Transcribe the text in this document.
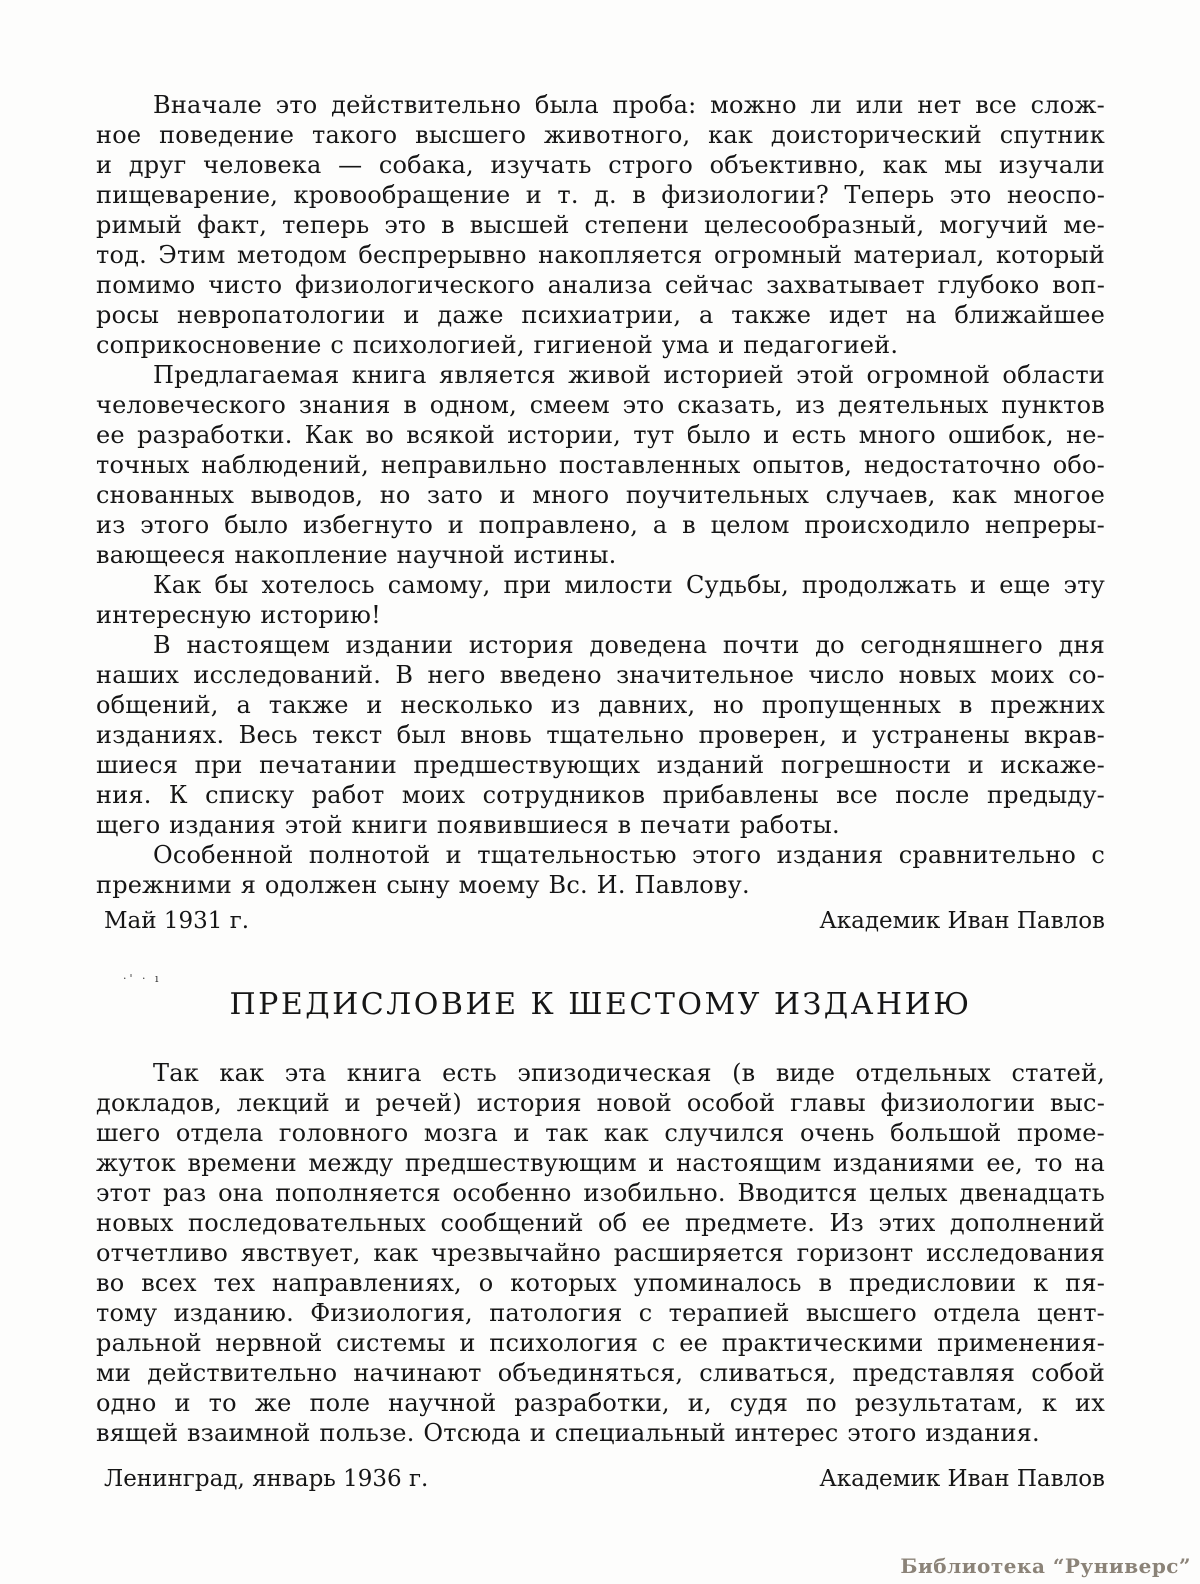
Вначале это действительно была проба: можно ли или нет все слож-
ное поведение такого высшего животного, как доисторический спутник
и друг человека — собака, изучать строго объективно, как мы изучали
пищеварение, кровообращение и т. д. в физиологии? Теперь это неоспо-
римый факт, теперь это в высшей степени целесообразный, могучий ме-
тод. Этим методом беспрерывно накопляется огромный материал, который
помимо чисто физиологического анализа сейчас захватывает глубоко воп-
росы невропатологии и даже психиатрии, а также идет на ближайшее
соприкосновение с психологией, гигиеной ума и педагогией.
Предлагаемая книга является живой историей этой огромной области
человеческого знания в одном, смеем это сказать, из деятельных пунктов
ее разработки. Как во всякой истории, тут было и есть много ошибок, не-
точных наблюдений, неправильно поставленных опытов, недостаточно обо-
снованных выводов, но зато и много поучительных случаев, как многое
из этого было избегнуто и поправлено, а в целом происходило непреры-
вающееся накопление научной истины.
Как бы хотелось самому, при милости Судьбы, продолжать и еще эту
интересную историю!
В настоящем издании история доведена почти до сегодняшнего дня
наших исследований. В него введено значительное число новых моих со-
общений, а также и несколько из давних, но пропущенных в прежних
изданиях. Весь текст был вновь тщательно проверен, и устранены вкрав-
шиеся при печатании предшествующих изданий погрешности и искаже-
ния. К списку работ моих сотрудников прибавлены все после предыду-
щего издания этой книги появившиеся в печати работы.
Особенной полнотой и тщательностью этого издания сравнительно с
прежними я одолжен сыну моему Вс. И. Павлову.
Май 1931 г.	Академик Иван Павлов
ПРЕДИСЛОВИЕ К ШЕСТОМУ ИЗДАНИЮ
Так как эта книга есть эпизодическая (в виде отдельных статей,
докладов, лекций и речей) история новой особой главы физиологии выс-
шего отдела головного мозга и так как случился очень большой проме-
жуток времени между предшествующим и настоящим изданиями ее, то на
этот раз она пополняется особенно изобильно. Вводится целых двенадцать
новых последовательных сообщений об ее предмете. Из этих дополнений
отчетливо явствует, как чрезвычайно расширяется горизонт исследования
во всех тех направлениях, о которых упоминалось в предисловии к пя-
тому изданию. Физиология, патология с терапией высшего отдела цент-
ральной нервной системы и психология с ее практическими применения-
ми действительно начинают объединяться, сливаться, представляя собой
одно и то же поле научной разработки, и, судя по результатам, к их
вящей взаимной пользе. Отсюда и специальный интерес этого издания.
Ленинград, январь 1936 г.	Академик Иван Павлов
·' · ı
Библиотека “Руниверс”
